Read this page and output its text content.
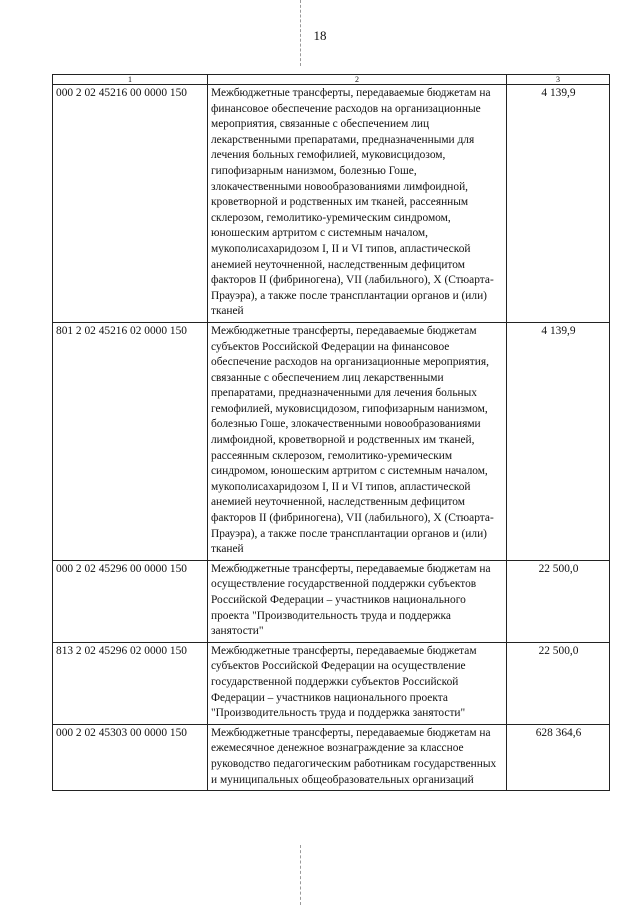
18
1	2	3
000 2 02 45216 00 0000 150	Межбюджетные трансферты, передаваемые бюджетам на финансовое обеспечение расходов на организационные мероприятия, связанные с обеспечением лиц лекарственными препаратами, предназначенными для лечения больных гемофилией, муковисцидозом, гипофизарным нанизмом, болезнью Гоше, злокачественными новообразованиями лимфоидной, кроветворной и родственных им тканей, рассеянным склерозом, гемолитико-уремическим синдромом, юношеским артритом с системным началом, мукополисахаридозом I, II и VI типов, апластической анемией неуточненной, наследственным дефицитом факторов II (фибриногена), VII (лабильного), X (Стюарта-Прауэра), а также после трансплантации органов и (или) тканей	4 139,9
801 2 02 45216 02 0000 150	Межбюджетные трансферты, передаваемые бюджетам субъектов Российской Федерации на финансовое обеспечение расходов на организационные мероприятия, связанные с обеспечением лиц лекарственными препаратами, предназначенными для лечения больных гемофилией, муковисцидозом, гипофизарным нанизмом, болезнью Гоше, злокачественными новообразованиями лимфоидной, кроветворной и родственных им тканей, рассеянным склерозом, гемолитико-уремическим синдромом, юношеским артритом с системным началом, мукополисахаридозом I, II и VI типов, апластической анемией неуточненной, наследственным дефицитом факторов II (фибриногена), VII (лабильного), X (Стюарта-Прауэра), а также после трансплантации органов и (или) тканей	4 139,9
000 2 02 45296 00 0000 150	Межбюджетные трансферты, передаваемые бюджетам на осуществление государственной поддержки субъектов Российской Федерации – участников национального проекта "Производительность труда и поддержка занятости"	22 500,0
813 2 02 45296 02 0000 150	Межбюджетные трансферты, передаваемые бюджетам субъектов Российской Федерации на осуществление государственной поддержки субъектов Российской Федерации – участников национального проекта "Производительность труда и поддержка занятости"	22 500,0
000 2 02 45303 00 0000 150	Межбюджетные трансферты, передаваемые бюджетам на ежемесячное денежное вознаграждение за классное руководство педагогическим работникам государственных и муниципальных общеобразовательных организаций	628 364,6
